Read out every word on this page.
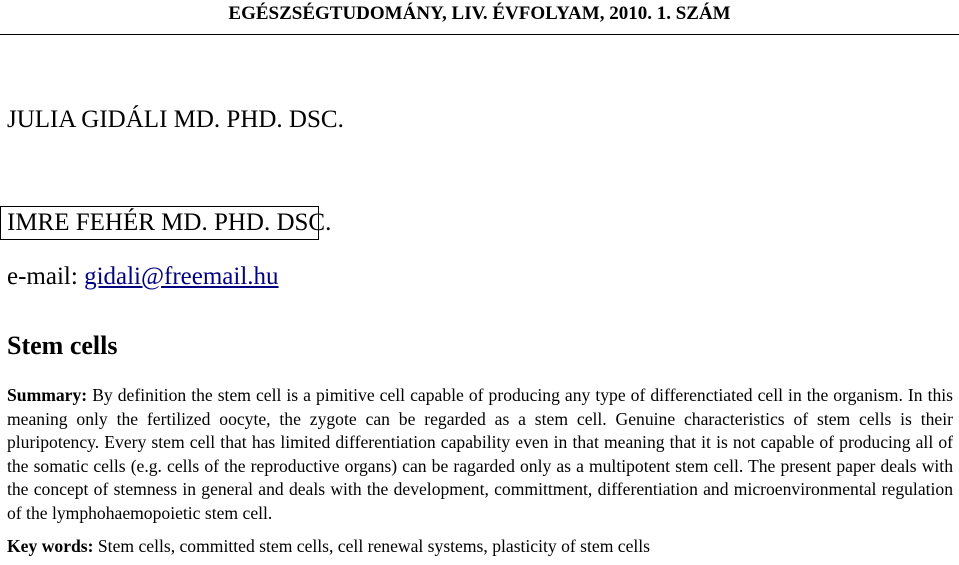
EGÉSZSÉGTUDOMÁNY, LIV. ÉVFOLYAM, 2010. 1. SZÁM
JULIA GIDÁLI MD. PHD. DSC.
IMRE FEHÉR MD. PHD. DSC.
e-mail: gidali@freemail.hu
Stem cells

Summary: By definition the stem cell is a pimitive cell capable of producing any type of differenctiated cell in the organism. In this meaning only the fertilized oocyte, the zygote can be regarded as a stem cell. Genuine characteristics of stem cells is their pluripotency. Every stem cell that has limited differentiation capability even in that meaning that it is not capable of producing all of the somatic cells (e.g. cells of the reproductive organs) can be ragarded only as a multipotent stem cell. The present paper deals with the concept of stemness in general and deals with the development, committment, differentiation and microenvironmental regulation of the lymphohaemopoietic stem cell.

Key words: Stem cells, committed stem cells, cell renewal systems, plasticity of stem cells
